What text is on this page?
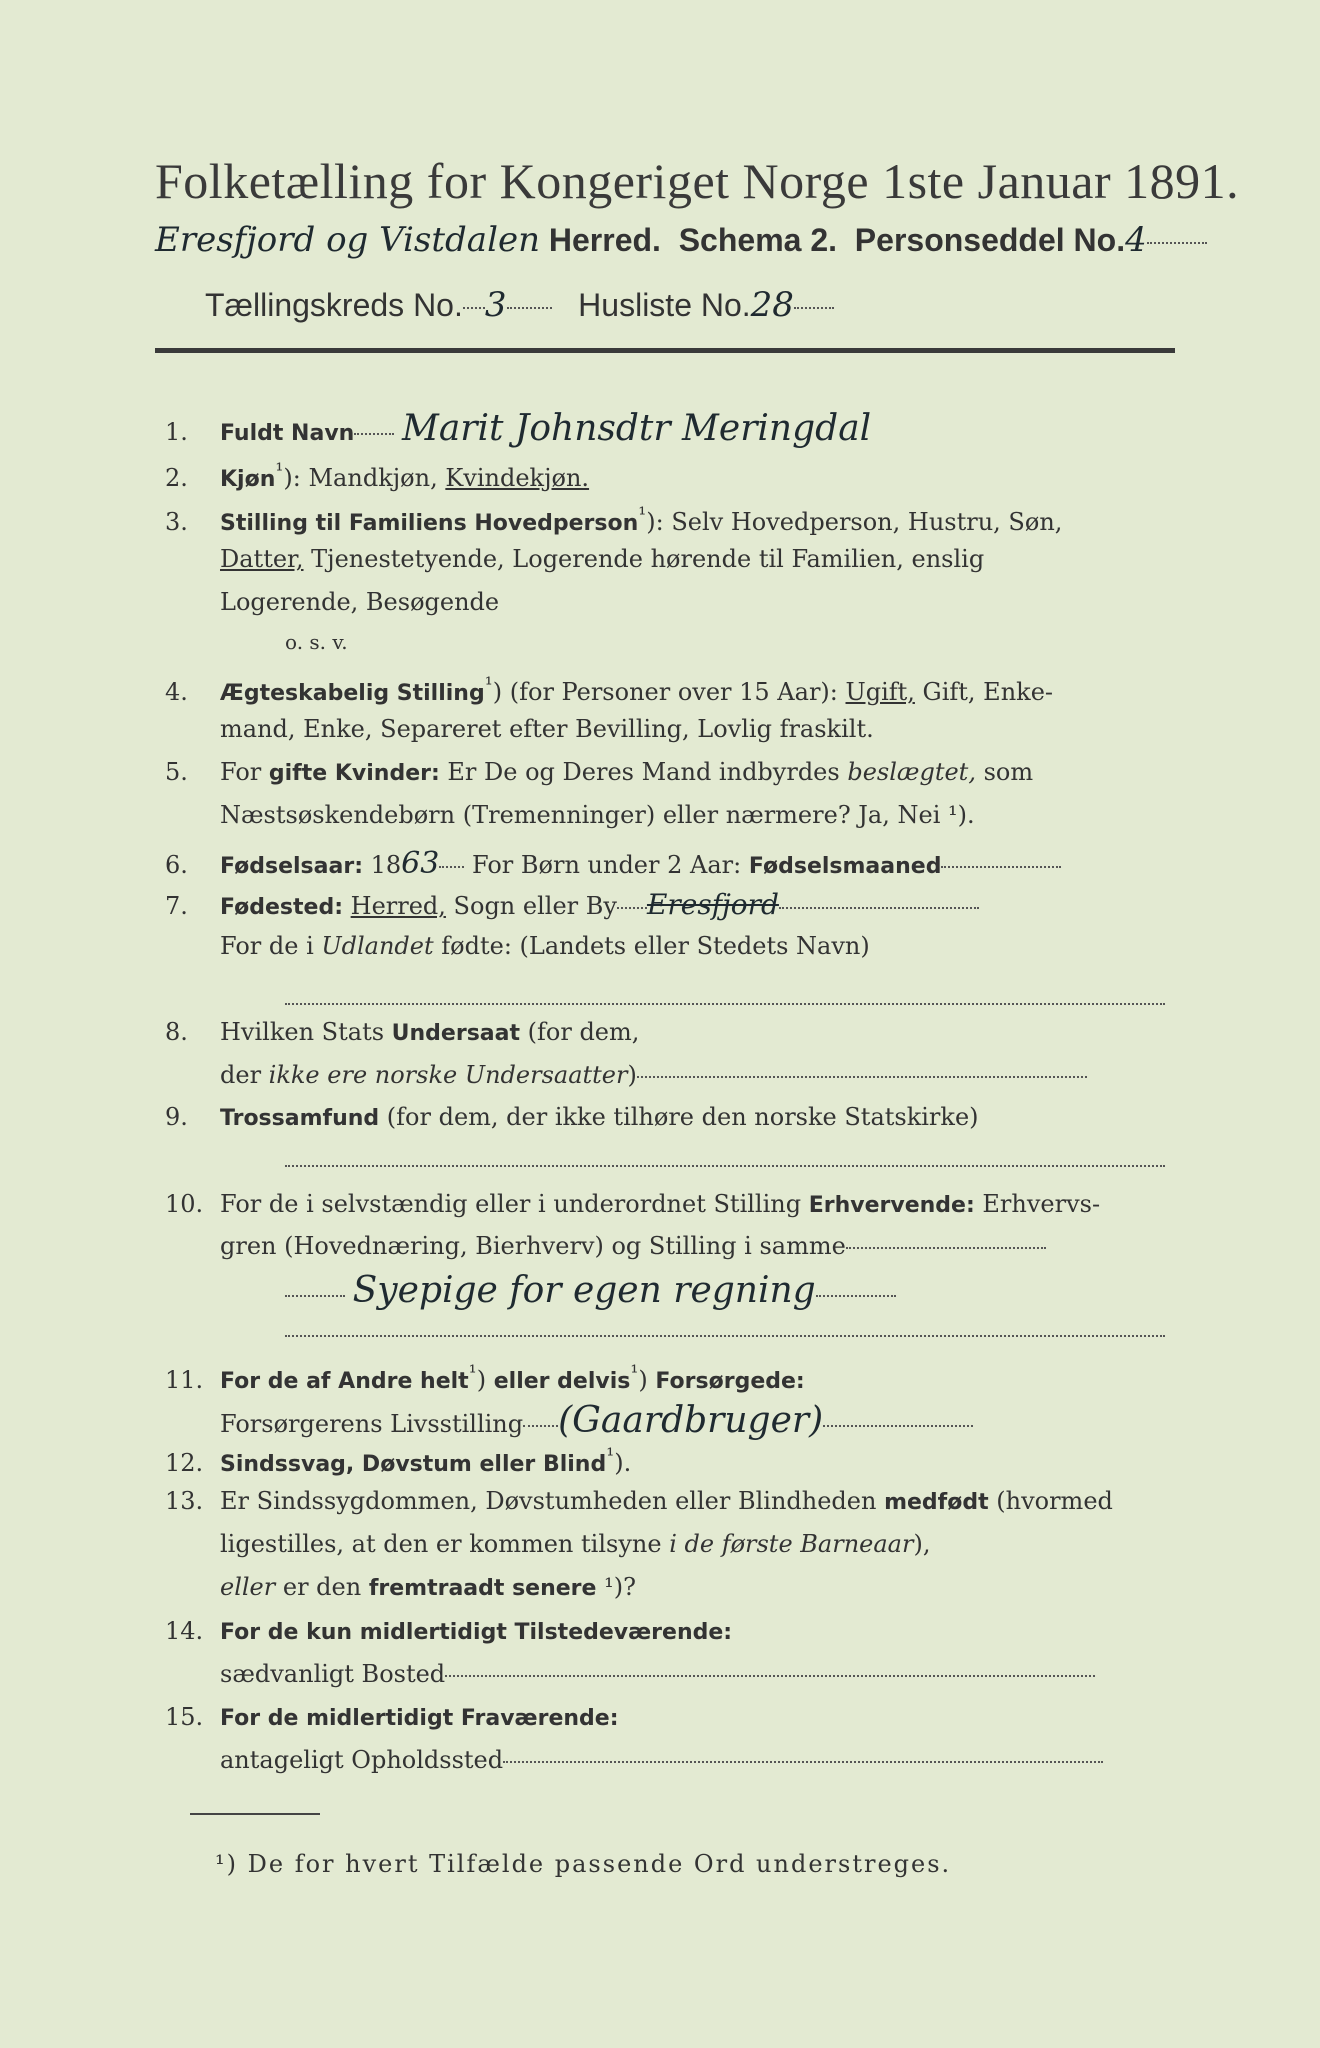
Folketælling for Kongeriget Norge 1ste Januar 1891.
Eresfjord og Vistdalen Herred. Schema 2. Personseddel No.4
Tællingskreds No. 3 Husliste No.28
1. Fuldt Navn Marit Johnsdtr Meringdal
2. Kjøn$^{^1}$): Mandkjøn, Kvindekjøn.
3. Stilling til Familiens Hovedperson$^{^1}$): Selv Hovedperson, Hustru, Søn,
Datter, Tjenestetyende, Logerende hørende til Familien, enslig
Logerende, Besøgende
o. s. v.
4. Ægteskabelig Stilling$^{^1}$) (for Personer over 15 Aar): Ugift, Gift, Enke-
mand, Enke, Separeret efter Bevilling, Lovlig fraskilt.
5. For gifte Kvinder: Er De og Deres Mand indbyrdes beslægtet, som
Næstsøskendebørn (Tremenninger) eller nærmere? Ja, Nei ¹).
6. Fødselsaar: 1863 For Børn under 2 Aar: Fødselsmaaned
7. Fødested: Herred, Sogn eller By Eresfjord
For de i Udlandet fødte: (Landets eller Stedets Navn)
8. Hvilken Stats Undersaat (for dem,
der ikke ere norske Undersaatter)
9. Trossamfund (for dem, der ikke tilhøre den norske Statskirke)
10. For de i selvstændig eller i underordnet Stilling Erhvervende: Erhvervs-
gren (Hovednæring, Bierhverv) og Stilling i samme
Syepige for egen regning
11. For de af Andre helt$^{^1}$) eller delvis$^{^1}$) Forsørgede:
Forsørgerens Livsstilling (Gaardbruger)
12. Sindssvag, Døvstum eller Blind$^{^1}$).
13. Er Sindssygdommen, Døvstumheden eller Blindheden medfødt (hvormed
ligestilles, at den er kommen tilsyne i de første Barneaar),
eller er den fremtraadt senere ¹)?
14. For de kun midlertidigt Tilstedeværende:
sædvanligt Bosted
15. For de midlertidigt Fraværende:
antageligt Opholdssted
¹) De for hvert Tilfælde passende Ord understreges.
